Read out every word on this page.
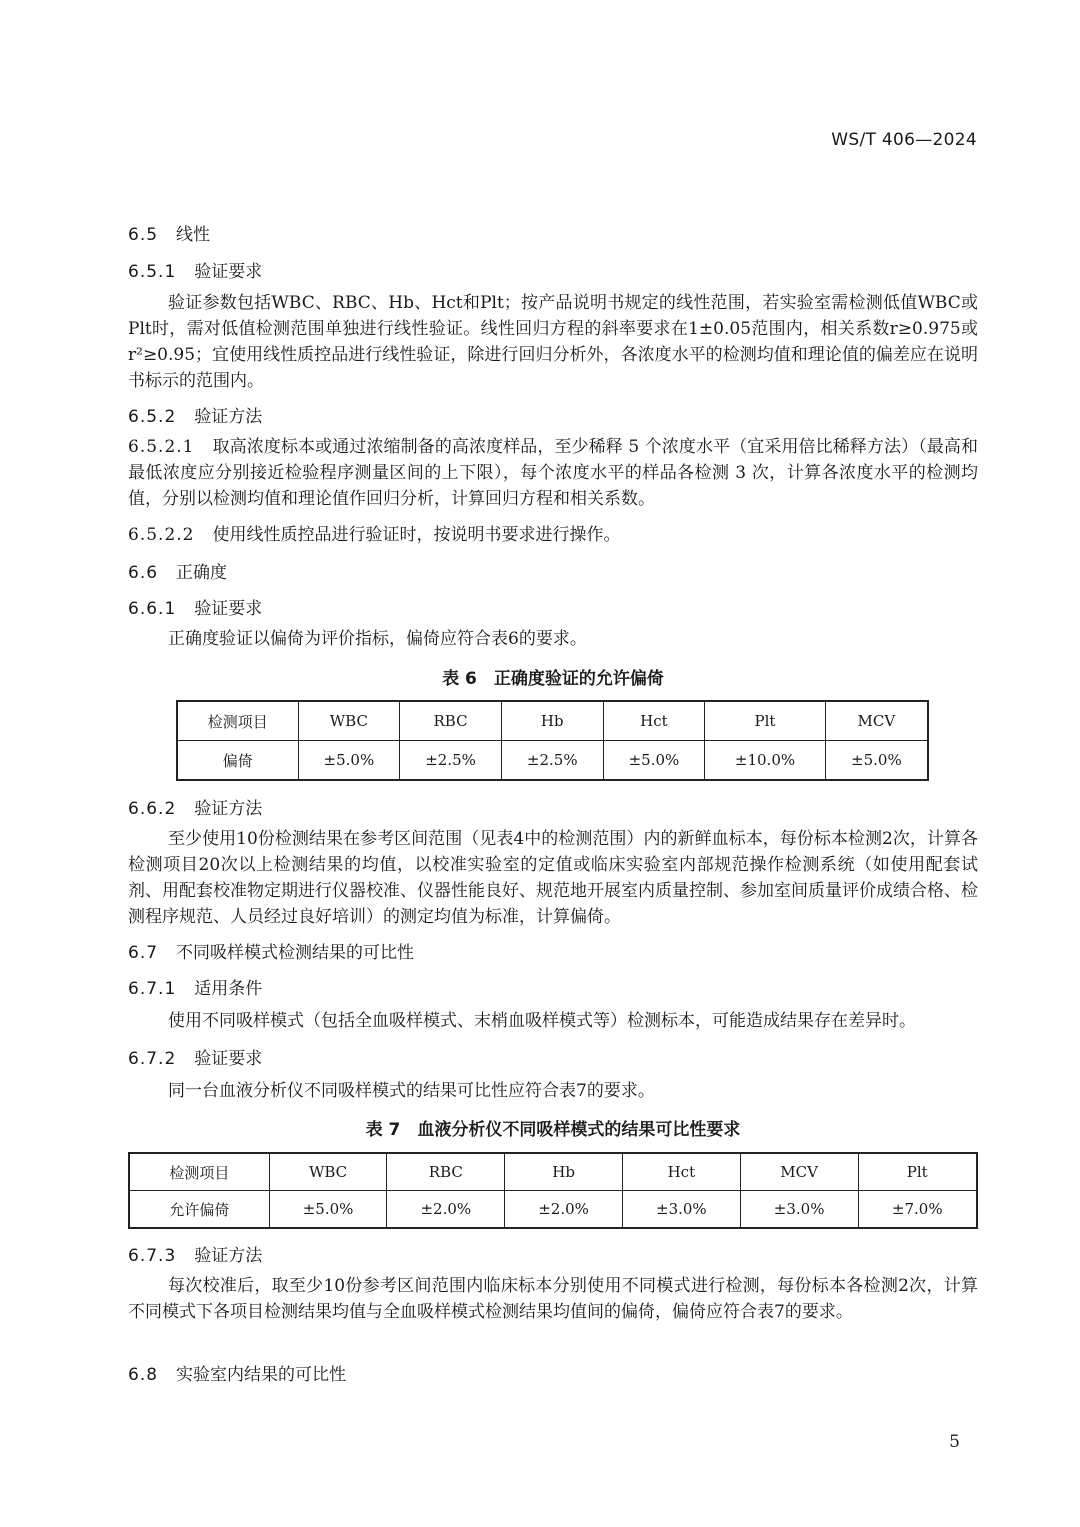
WS/T 406—2024
6.5 线性
6.5.1 验证要求
验证参数包括WBC、RBC、Hb、Hct和Plt；按产品说明书规定的线性范围，若实验室需检测低值WBC或Plt时，需对低值检测范围单独进行线性验证。线性回归方程的斜率要求在1±0.05范围内，相关系数r≥0.975或r²≥0.95；宜使用线性质控品进行线性验证，除进行回归分析外，各浓度水平的检测均值和理论值的偏差应在说明书标示的范围内。
6.5.2 验证方法
6.5.2.1 取高浓度标本或通过浓缩制备的高浓度样品，至少稀释 5 个浓度水平（宜采用倍比稀释方法）（最高和最低浓度应分别接近检验程序测量区间的上下限），每个浓度水平的样品各检测 3 次，计算各浓度水平的检测均值，分别以检测均值和理论值作回归分析，计算回归方程和相关系数。
6.5.2.2 使用线性质控品进行验证时，按说明书要求进行操作。
6.6 正确度
6.6.1 验证要求
正确度验证以偏倚为评价指标，偏倚应符合表6的要求。
表 6　正确度验证的允许偏倚
检测项目	WBC	RBC	Hb	Hct	Plt	MCV
偏倚	±5.0%	±2.5%	±2.5%	±5.0%	±10.0%	±5.0%
6.6.2 验证方法
至少使用10份检测结果在参考区间范围（见表4中的检测范围）内的新鲜血标本，每份标本检测2次，计算各检测项目20次以上检测结果的均值，以校准实验室的定值或临床实验室内部规范操作检测系统（如使用配套试剂、用配套校准物定期进行仪器校准、仪器性能良好、规范地开展室内质量控制、参加室间质量评价成绩合格、检测程序规范、人员经过良好培训）的测定均值为标准，计算偏倚。
6.7 不同吸样模式检测结果的可比性
6.7.1 适用条件
使用不同吸样模式（包括全血吸样模式、末梢血吸样模式等）检测标本，可能造成结果存在差异时。
6.7.2 验证要求
同一台血液分析仪不同吸样模式的结果可比性应符合表7的要求。
表 7　血液分析仪不同吸样模式的结果可比性要求
检测项目	WBC	RBC	Hb	Hct	MCV	Plt
允许偏倚	±5.0%	±2.0%	±2.0%	±3.0%	±3.0%	±7.0%
6.7.3 验证方法
每次校准后，取至少10份参考区间范围内临床标本分别使用不同模式进行检测，每份标本各检测2次，计算不同模式下各项目检测结果均值与全血吸样模式检测结果均值间的偏倚，偏倚应符合表7的要求。
6.8 实验室内结果的可比性
5
